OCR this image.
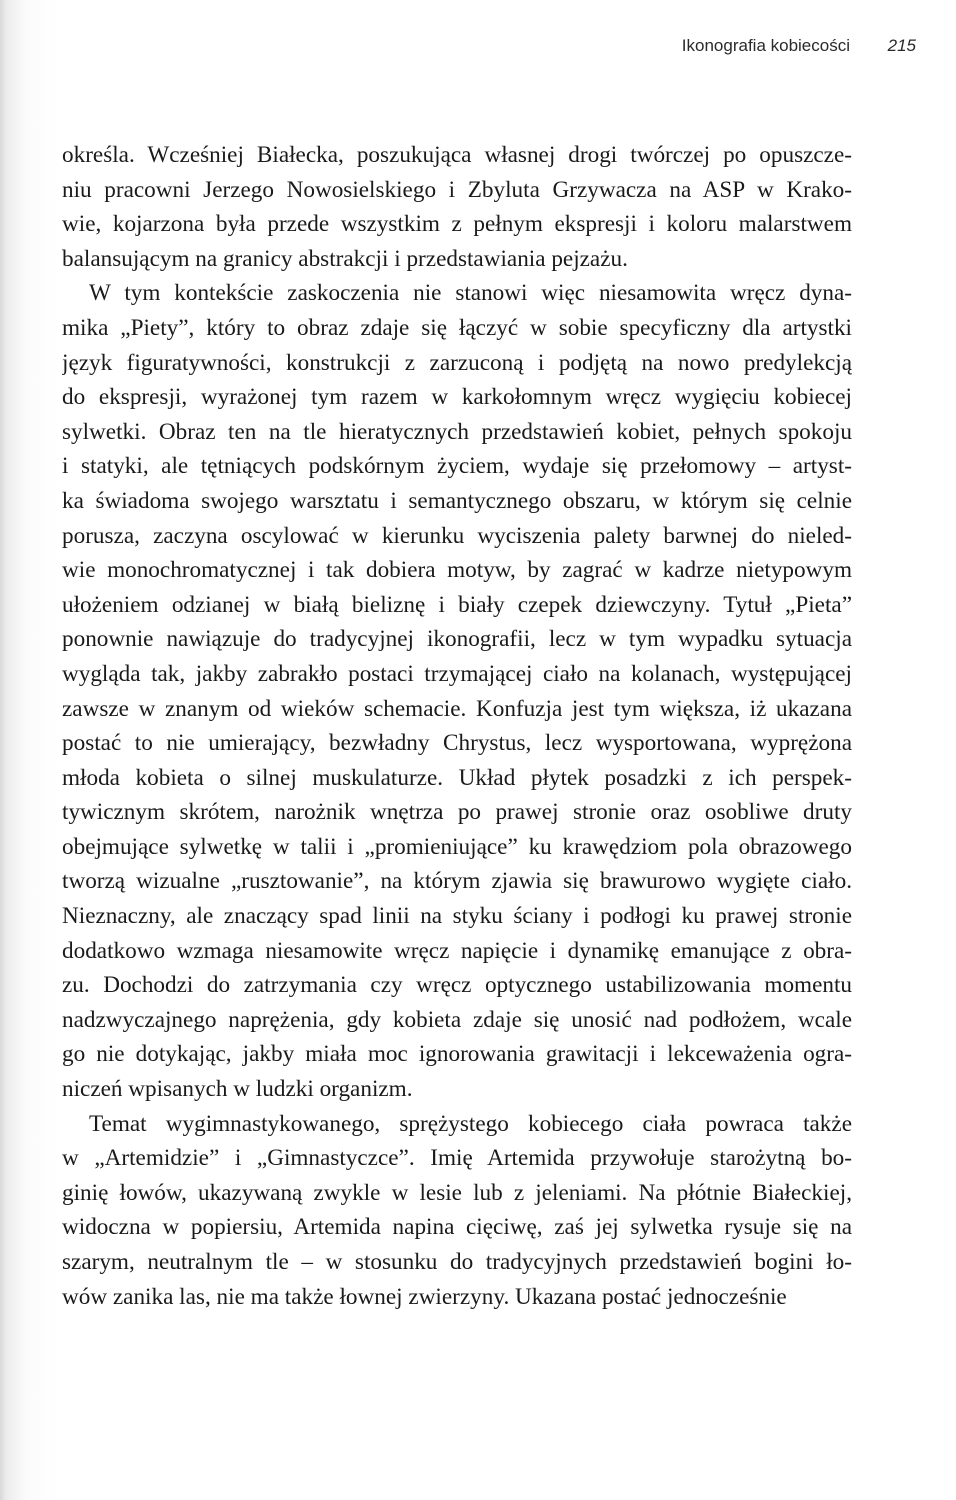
Ikonografia kobiecości 215
określa. Wcześniej Białecka, poszukująca własnej drogi twórczej po opuszcze-
niu pracowni Jerzego Nowosielskiego i Zbyluta Grzywacza na ASP w Krako-
wie, kojarzona była przede wszystkim z pełnym ekspresji i koloru malarstwem
balansującym na granicy abstrakcji i przedstawiania pejzażu.
W tym kontekście zaskoczenia nie stanowi więc niesamowita wręcz dyna-
mika „Piety”, który to obraz zdaje się łączyć w sobie specyficzny dla artystki
język figuratywności, konstrukcji z zarzuconą i podjętą na nowo predylekcją
do ekspresji, wyrażonej tym razem w karkołomnym wręcz wygięciu kobiecej
sylwetki. Obraz ten na tle hieratycznych przedstawień kobiet, pełnych spokoju
i statyki, ale tętniących podskórnym życiem, wydaje się przełomowy – artyst-
ka świadoma swojego warsztatu i semantycznego obszaru, w którym się celnie
porusza, zaczyna oscylować w kierunku wyciszenia palety barwnej do nieled-
wie monochromatycznej i tak dobiera motyw, by zagrać w kadrze nietypowym
ułożeniem odzianej w białą bieliznę i biały czepek dziewczyny. Tytuł „Pieta”
ponownie nawiązuje do tradycyjnej ikonografii, lecz w tym wypadku sytuacja
wygląda tak, jakby zabrakło postaci trzymającej ciało na kolanach, występującej
zawsze w znanym od wieków schemacie. Konfuzja jest tym większa, iż ukazana
postać to nie umierający, bezwładny Chrystus, lecz wysportowana, wyprężona
młoda kobieta o silnej muskulaturze. Układ płytek posadzki z ich perspek-
tywicznym skrótem, narożnik wnętrza po prawej stronie oraz osobliwe druty
obejmujące sylwetkę w talii i „promieniujące” ku krawędziom pola obrazowego
tworzą wizualne „rusztowanie”, na którym zjawia się brawurowo wygięte ciało.
Nieznaczny, ale znaczący spad linii na styku ściany i podłogi ku prawej stronie
dodatkowo wzmaga niesamowite wręcz napięcie i dynamikę emanujące z obra-
zu. Dochodzi do zatrzymania czy wręcz optycznego ustabilizowania momentu
nadzwyczajnego naprężenia, gdy kobieta zdaje się unosić nad podłożem, wcale
go nie dotykając, jakby miała moc ignorowania grawitacji i lekceważenia ogra-
niczeń wpisanych w ludzki organizm.
Temat wygimnastykowanego, sprężystego kobiecego ciała powraca także
w „Artemidzie” i „Gimnastyczce”. Imię Artemida przywołuje starożytną bo-
ginię łowów, ukazywaną zwykle w lesie lub z jeleniami. Na płótnie Białeckiej,
widoczna w popiersiu, Artemida napina cięciwę, zaś jej sylwetka rysuje się na
szarym, neutralnym tle – w stosunku do tradycyjnych przedstawień bogini ło-
wów zanika las, nie ma także łownej zwierzyny. Ukazana postać jednocześnie
